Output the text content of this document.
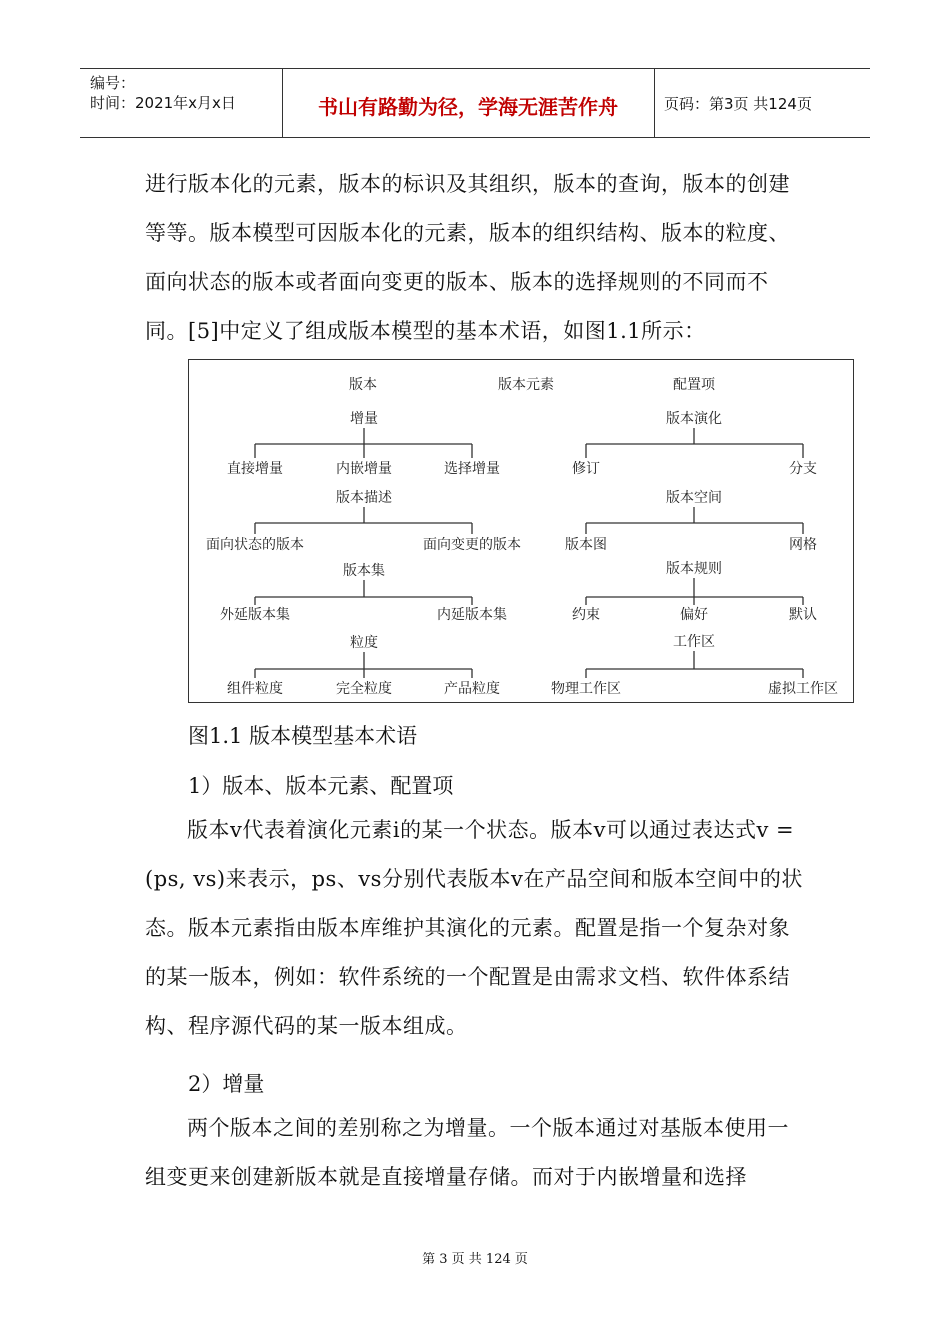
编号：
时间：2021年x月x日	书山有路勤为径，学海无涯苦作舟	页码：第3页 共124页

进行版本化的元素，版本的标识及其组织，版本的查询，版本的创建等等。版本模型可因版本化的元素，版本的组织结构、版本的粒度、面向状态的版本或者面向变更的版本、版本的选择规则的不同而不同。[5]中定义了组成版本模型的基本术语，如图1.1所示：

版本	版本元素	配置项
增量
直接增量	内嵌增量	选择增量
版本描述
面向状态的版本	面向变更的版本
版本集
外延版本集	内延版本集
粒度
组件粒度	完全粒度	产品粒度
版本演化
修订	分支
版本空间
版本图	网格
版本规则
约束	偏好	默认
工作区
物理工作区	虚拟工作区
图1.1 版本模型基本术语
1）版本、版本元素、配置项

版本v代表着演化元素i的某一个状态。版本v可以通过表达式v = (ps, vs)来表示，ps、vs分别代表版本v在产品空间和版本空间中的状态。版本元素指由版本库维护其演化的元素。配置是指一个复杂对象的某一版本，例如：软件系统的一个配置是由需求文档、软件体系结构、程序源代码的某一版本组成。

2）增量

两个版本之间的差别称之为增量。一个版本通过对基版本使用一组变更来创建新版本就是直接增量存储。而对于内嵌增量和选择

第 3 页 共 124 页
